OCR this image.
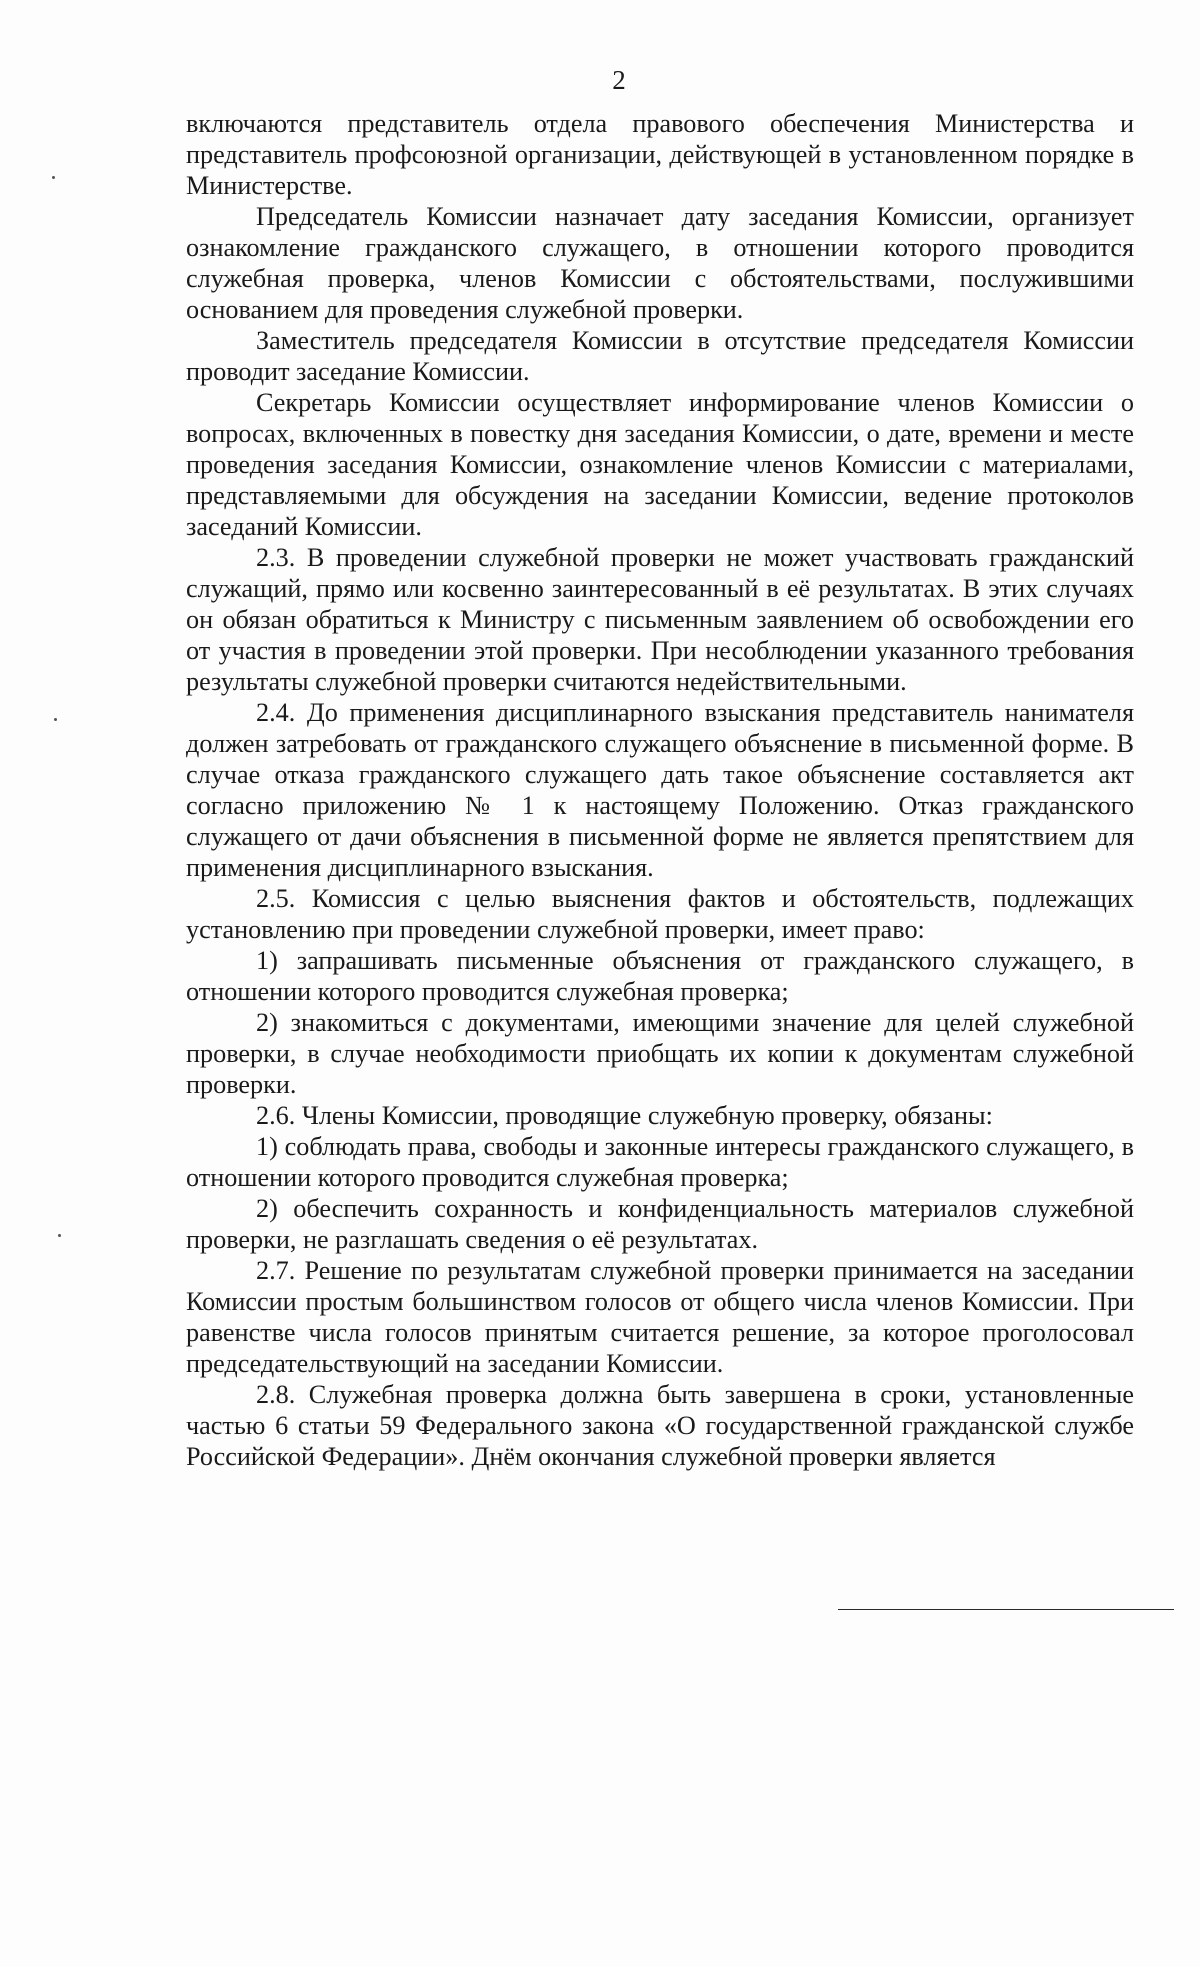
2

включаются представитель отдела правового обеспечения Министерства и представитель профсоюзной организации, действующей в установленном порядке в Министерстве.

Председатель Комиссии назначает дату заседания Комиссии, организует ознакомление гражданского служащего, в отношении которого проводится служебная проверка, членов Комиссии с обстоятельствами, послужившими основанием для проведения служебной проверки.

Заместитель председателя Комиссии в отсутствие председателя Комиссии проводит заседание Комиссии.

Секретарь Комиссии осуществляет информирование членов Комиссии о вопросах, включенных в повестку дня заседания Комиссии, о дате, времени и месте проведения заседания Комиссии, ознакомление членов Комиссии с материалами, представляемыми для обсуждения на заседании Комиссии, ведение протоколов заседаний Комиссии.

2.3. В проведении служебной проверки не может участвовать гражданский служащий, прямо или косвенно заинтересованный в её результатах. В этих случаях он обязан обратиться к Министру с письменным заявлением об освобождении его от участия в проведении этой проверки. При несоблюдении указанного требования результаты служебной проверки считаются недействительными.

2.4. До применения дисциплинарного взыскания представитель нанимателя должен затребовать от гражданского служащего объяснение в письменной форме. В случае отказа гражданского служащего дать такое объяснение составляется акт согласно приложению № 1 к настоящему Положению. Отказ гражданского служащего от дачи объяснения в письменной форме не является препятствием для применения дисциплинарного взыскания.

2.5. Комиссия с целью выяснения фактов и обстоятельств, подлежащих установлению при проведении служебной проверки, имеет право:

1) запрашивать письменные объяснения от гражданского служащего, в отношении которого проводится служебная проверка;

2) знакомиться с документами, имеющими значение для целей служебной проверки, в случае необходимости приобщать их копии к документам служебной проверки.

2.6. Члены Комиссии, проводящие служебную проверку, обязаны:

1) соблюдать права, свободы и законные интересы гражданского служащего, в отношении которого проводится служебная проверка;

2) обеспечить сохранность и конфиденциальность материалов служебной проверки, не разглашать сведения о её результатах.

2.7. Решение по результатам служебной проверки принимается на заседании Комиссии простым большинством голосов от общего числа членов Комиссии. При равенстве числа голосов принятым считается решение, за которое проголосовал председательствующий на заседании Комиссии.

2.8. Служебная проверка должна быть завершена в сроки, установленные частью 6 статьи 59 Федерального закона «О государственной гражданской службе Российской Федерации». Днём окончания служебной проверки является
